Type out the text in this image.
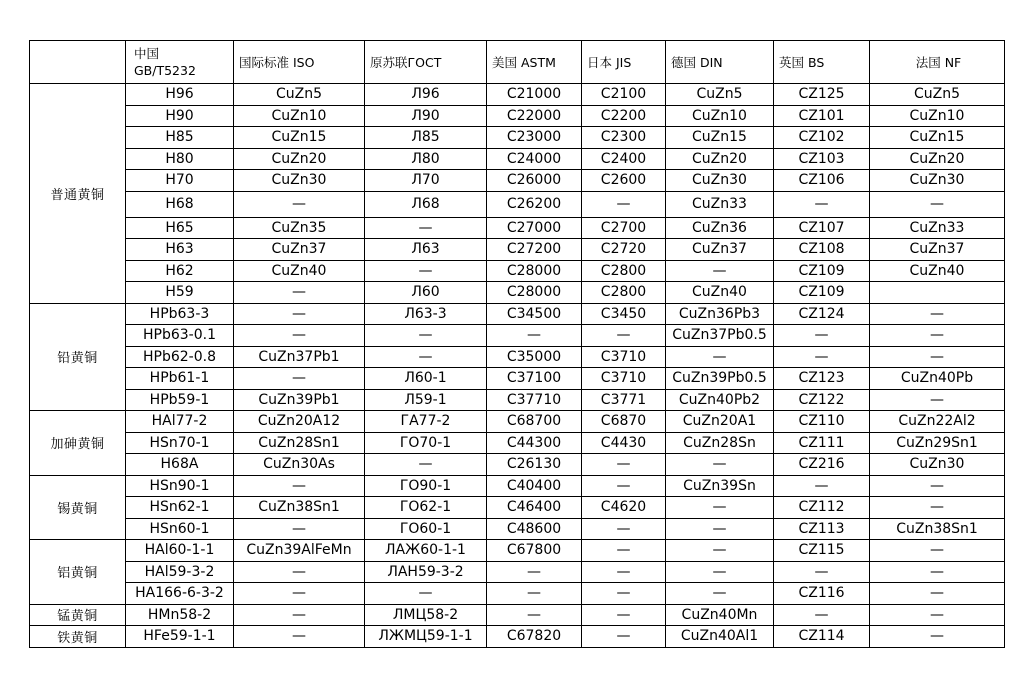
	中国
GB/T5232	国际标准 ISO	原苏联ГОСТ	美国 ASTM	日本 JIS	德国 DIN	英国 BS	法国 NF
普通黄铜	H96	CuZn5	Л96	C21000	C2100	CuZn5	CZ125	CuZn5
	H90	CuZn10	Л90	C22000	C2200	CuZn10	CZ101	CuZn10
	H85	CuZn15	Л85	C23000	C2300	CuZn15	CZ102	CuZn15
	H80	CuZn20	Л80	C24000	C2400	CuZn20	CZ103	CuZn20
	H70	CuZn30	Л70	C26000	C2600	CuZn30	CZ106	CuZn30
	H68	—	Л68	C26200	—	CuZn33	—	—
	H65	CuZn35	—	C27000	C2700	CuZn36	CZ107	CuZn33
	H63	CuZn37	Л63	C27200	C2720	CuZn37	CZ108	CuZn37
	H62	CuZn40	—	C28000	C2800	—	CZ109	CuZn40
	H59	—	Л60	C28000	C2800	CuZn40	CZ109	
铅黄铜	HPb63-3	—	Л63-3	C34500	C3450	CuZn36Pb3	CZ124	—
	HPb63-0.1	—	—	—	—	CuZn37Pb0.5	—	—
	HPb62-0.8	CuZn37Pb1	—	C35000	C3710	—	—	—
	HPb61-1	—	Л60-1	C37100	C3710	CuZn39Pb0.5	CZ123	CuZn40Pb
	HPb59-1	CuZn39Pb1	Л59-1	C37710	C3771	CuZn40Pb2	CZ122	—
加砷黄铜	HAl77-2	CuZn20A12	ГА77-2	C68700	C6870	CuZn20A1	CZ110	CuZn22Al2
	HSn70-1	CuZn28Sn1	ГО70-1	C44300	C4430	CuZn28Sn	CZ111	CuZn29Sn1
	H68A	CuZn30As	—	C26130	—	—	CZ216	CuZn30
锡黄铜	HSn90-1	—	ГО90-1	C40400	—	CuZn39Sn	—	—
	HSn62-1	CuZn38Sn1	ГО62-1	C46400	C4620	—	CZ112	—
	HSn60-1	—	ГО60-1	C48600	—	—	CZ113	CuZn38Sn1
铝黄铜	HAl60-1-1	CuZn39AlFeMn	ЛАЖ60-1-1	C67800	—	—	CZ115	—
	HAl59-3-2	—	ЛАН59-3-2	—	—	—	—	—
	HA166-6-3-2	—	—	—	—	—	CZ116	—
锰黄铜	HMn58-2	—	ЛМЦ58-2	—	—	CuZn40Mn	—	—
铁黄铜	HFe59-1-1	—	ЛЖМЦ59-1-1	C67820	—	CuZn40Al1	CZ114	—
